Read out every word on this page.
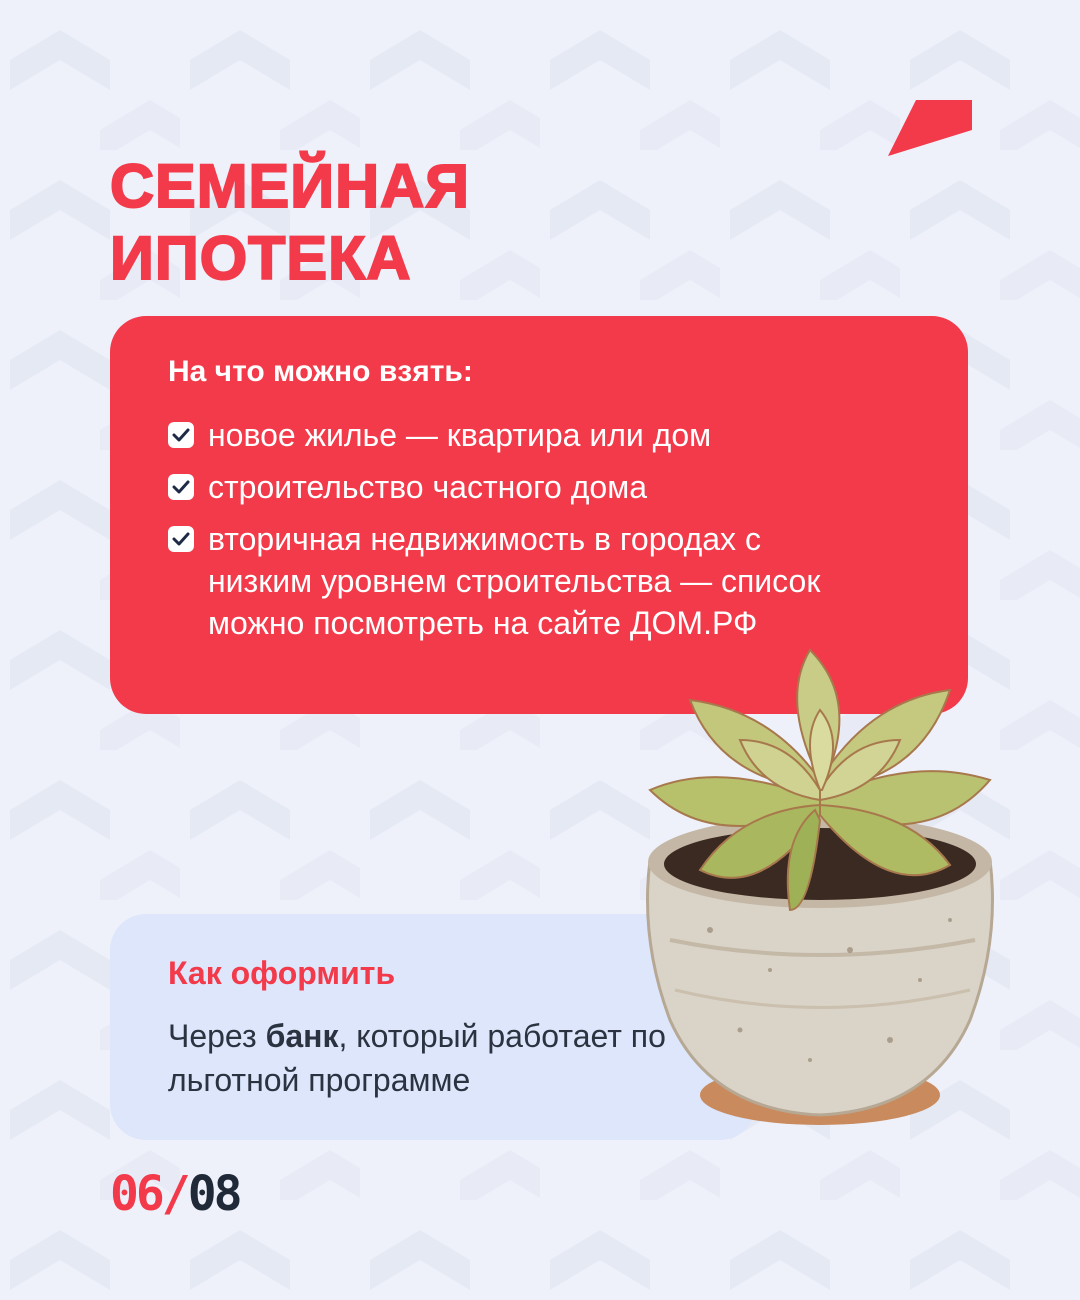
СЕМЕЙНАЯ
ИПОТЕКА
На что можно взять:
новое жилье — квартира или дом
строительство частного дома
вторичная недвижимость в городах с низким уровнем строительства — список можно посмотреть на сайте ДОМ.РФ
Как оформить

Через банк, который работает по льготной программе

06/08
